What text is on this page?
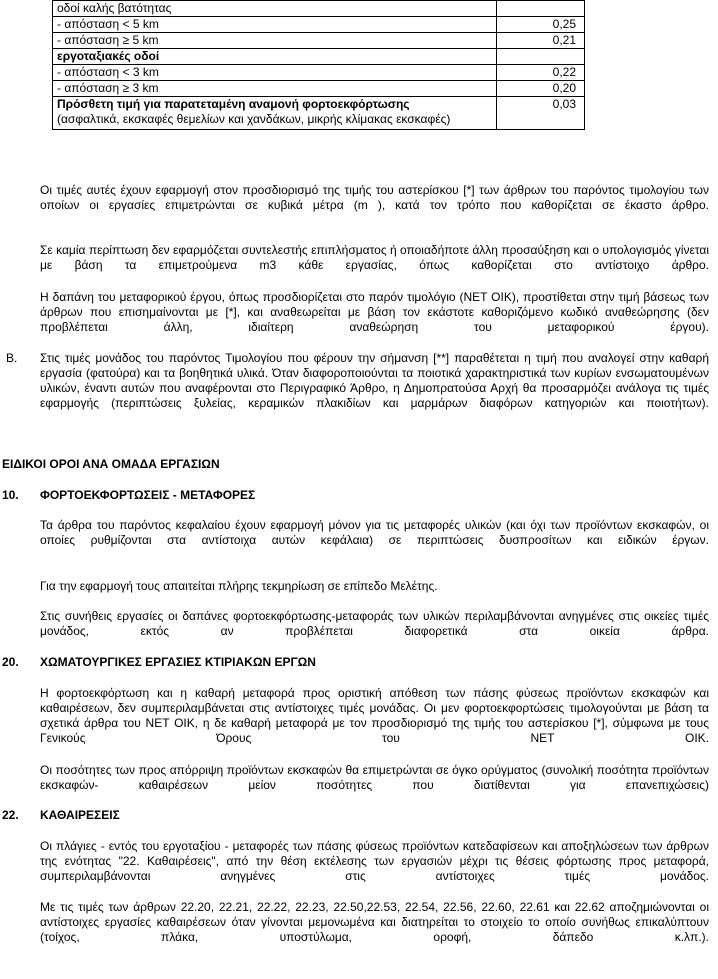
οδοί καλής βατότητας	
- απόσταση < 5 km	0,25
- απόσταση ≥ 5 km	0,21
εργοταξιακές οδοί	
- απόσταση < 3 km	0,22
- απόσταση ≥ 3 km	0,20

Πρόσθετη τιμή για παρατεταμένη αναμονή φορτοεκφόρτωσης
(ασφαλτικά, εκσκαφές θεμελίων και χανδάκων, μικρής κλίμακας εκσκαφές)	0,03
Οι τιμές αυτές έχουν εφαρμογή στον προσδιορισμό της τιμής του αστερίσκου [*] των άρθρων του παρόντος τιμολογίου των οποίων οι εργασίες επιμετρώνται σε κυβικά μέτρα (m ), κατά τον τρόπο που καθορίζεται σε έκαστο άρθρο.
Σε καμία περίπτωση δεν εφαρμόζεται συντελεστής επιπλήσματος ή οποιαδήποτε άλλη προσαύξηση και ο υπολογισμός γίνεται με βάση τα επιμετρούμενα m3 κάθε εργασίας, όπως καθορίζεται στο αντίστοιχο άρθρο.
Η δαπάνη του μεταφορικού έργου, όπως προσδιορίζεται στο παρόν τιμολόγιο (ΝΕΤ ΟΙΚ), προστίθεται στην τιμή βάσεως των άρθρων που επισημαίνονται με [*], και αναθεωρείται με βάση τον εκάστοτε καθοριζόμενο κωδικό αναθεώρησης (δεν προβλέπεται άλλη, ιδιαίτερη αναθεώρηση του μεταφορικού έργου).
Β. Στις τιμές μονάδος του παρόντος Τιμολογίου που φέρουν την σήμανση [**] παραθέτεται η τιμή που αναλογεί στην καθαρή εργασία (φατούρα) και τα βοηθητικά υλικά. Όταν διαφοροποιούνται τα ποιοτικά χαρακτηριστικά των κυρίων ενσωματουμένων υλικών, έναντι αυτών που αναφέρονται στο Περιγραφικό Άρθρο, η Δημοπρατούσα Αρχή θα προσαρμόζει ανάλογα τις τιμές εφαρμογής (περιπτώσεις ξυλείας, κεραμικών πλακιδίων και μαρμάρων διαφόρων κατηγοριών και ποιοτήτων).
ΕΙΔΙΚΟΙ ΟΡΟΙ ΑΝΑ ΟΜΑΔΑ ΕΡΓΑΣΙΩΝ
10. ΦΟΡΤΟΕΚΦΟΡΤΩΣΕΙΣ - ΜΕΤΑΦΟΡΕΣ
Τα άρθρα του παρόντος κεφαλαίου έχουν εφαρμογή μόνον για τις μεταφορές υλικών (και όχι των προϊόντων εκσκαφών, οι οποίες ρυθμίζονται στα αντίστοιχα αυτών κεφάλαια) σε περιπτώσεις δυσπροσίτων και ειδικών έργων.
Για την εφαρμογή τους απαιτείται πλήρης τεκμηρίωση σε επίπεδο Μελέτης.
Στις συνήθεις εργασίες οι δαπάνες φορτοεκφόρτωσης-μεταφοράς των υλικών περιλαμβάνονται ανηγμένες στις οικείες τιμές μονάδος, εκτός αν προβλέπεται διαφορετικά στα οικεία άρθρα.
20. ΧΩΜΑΤΟΥΡΓΙΚΕΣ ΕΡΓΑΣΙΕΣ ΚΤΙΡΙΑΚΩΝ ΕΡΓΩΝ
Η φορτοεκφόρτωση και η καθαρή μεταφορά προς οριστική απόθεση των πάσης φύσεως προϊόντων εκσκαφών και καθαιρέσεων, δεν συμπεριλαμβάνεται στις αντίστοιχες τιμές μονάδας. Οι μεν φορτοεκφορτώσεις τιμολογούνται με βάση τα σχετικά άρθρα του ΝΕΤ ΟΙΚ, η δε καθαρή μεταφορά με τον προσδιορισμό της τιμής του αστερίσκου [*], σύμφωνα με τους Γενικούς Όρους του ΝΕΤ ΟΙΚ.
Οι ποσότητες των προς απόρριψη προϊόντων εκσκαφών θα επιμετρώνται σε όγκο ορύγματος (συνολική ποσότητα προϊόντων εκσκαφών- καθαιρέσεων μείον ποσότητες που διατίθενται για επανεπιχώσεις)
22. ΚΑΘΑΙΡΕΣΕΙΣ
Οι πλάγιες - εντός του εργοταξίου - μεταφορές των πάσης φύσεως προϊόντων κατεδαφίσεων και αποξηλώσεων των άρθρων της ενότητας "22. Καθαιρέσεις", από την θέση εκτέλεσης των εργασιών μέχρι τις θέσεις φόρτωσης προς μεταφορά, συμπεριλαμβάνονται ανηγμένες στις αντίστοιχες τιμές μονάδος.
Με τις τιμές των άρθρων 22.20, 22.21, 22.22, 22.23, 22.50,22.53, 22.54, 22.56, 22.60, 22.61 και 22.62 αποζημιώνονται οι αντίστοιχες εργασίες καθαιρέσεων όταν γίνονται μεμονωμένα και διατηρείται το στοιχείο το οποίο συνήθως επικαλύπτουν (τοίχος, πλάκα, υποστύλωμα, οροφή, δάπεδο κ.λπ.).
